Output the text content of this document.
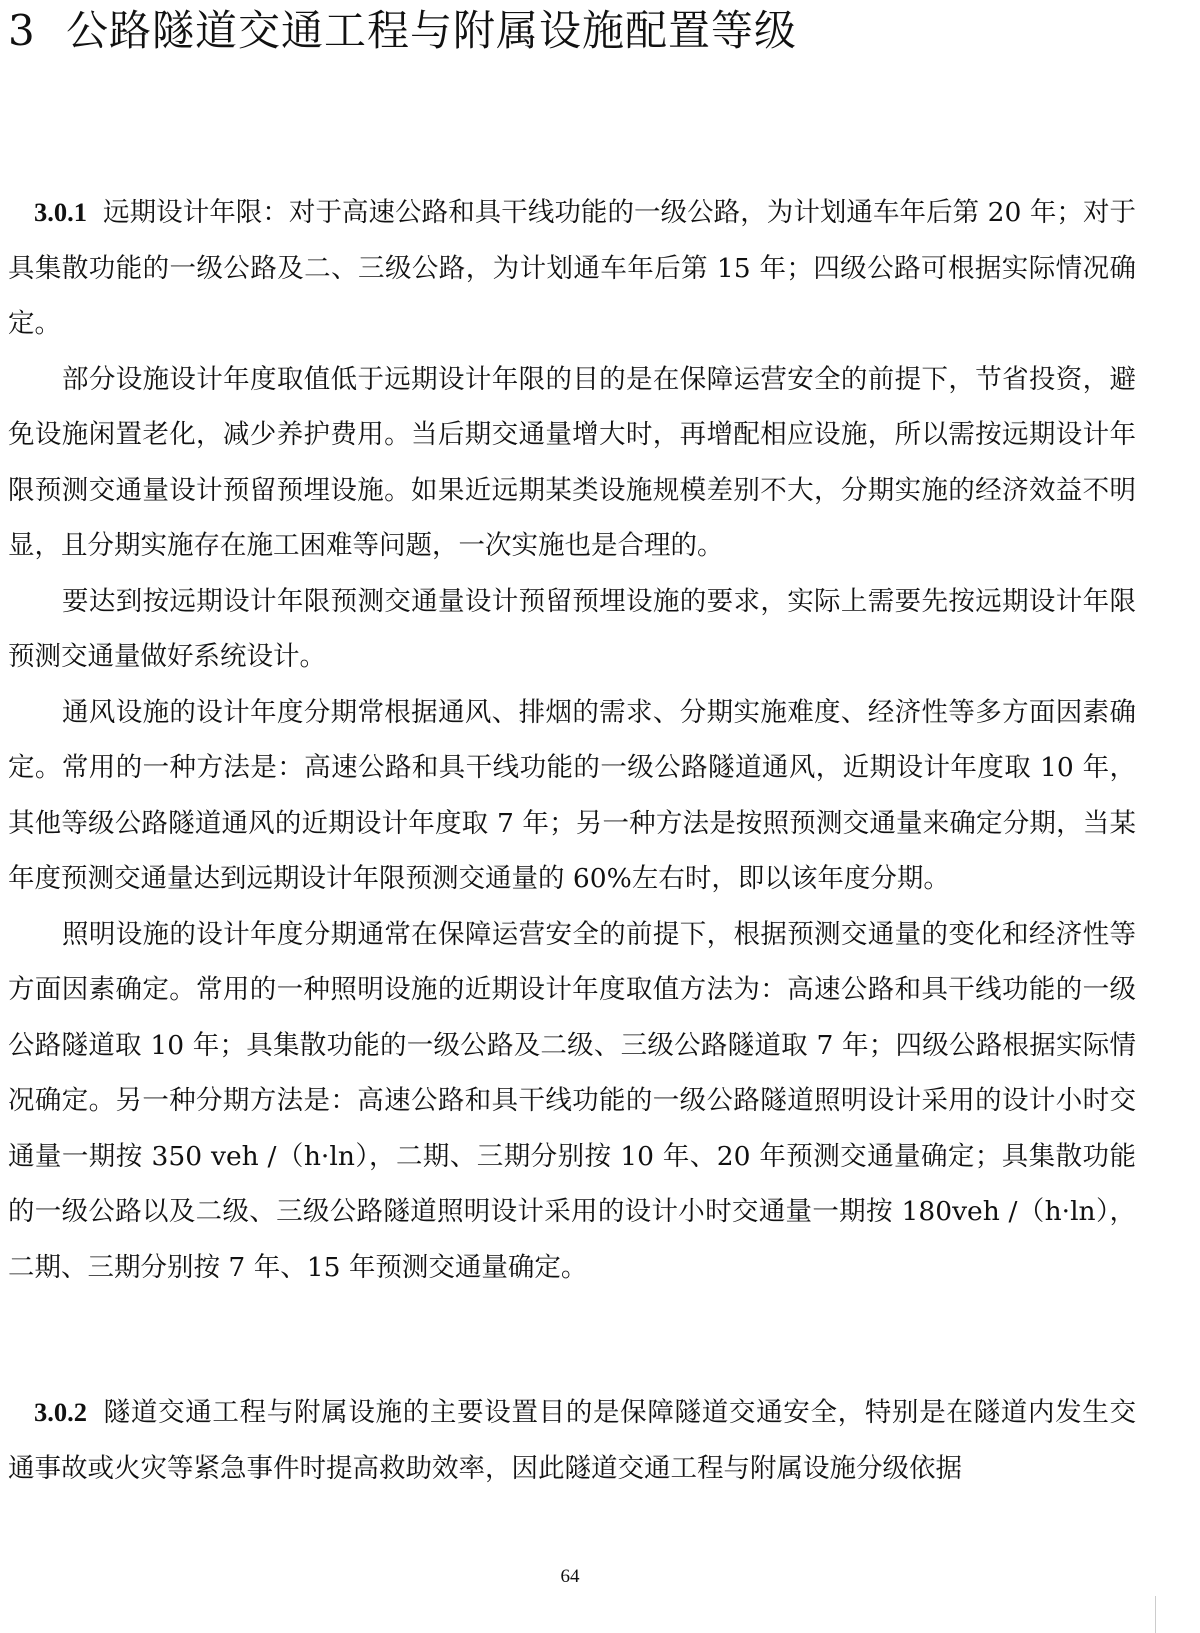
3 公路隧道交通工程与附属设施配置等级

3.0.1 远期设计年限：对于高速公路和具干线功能的一级公路，为计划通车年后第 20 年；对于具集散功能的一级公路及二、三级公路，为计划通车年后第 15 年；四级公路可根据实际情况确定。

部分设施设计年度取值低于远期设计年限的目的是在保障运营安全的前提下，节省投资，避免设施闲置老化，减少养护费用。当后期交通量增大时，再增配相应设施，所以需按远期设计年限预测交通量设计预留预埋设施。如果近远期某类设施规模差别不大，分期实施的经济效益不明显，且分期实施存在施工困难等问题，一次实施也是合理的。

要达到按远期设计年限预测交通量设计预留预埋设施的要求，实际上需要先按远期设计年限预测交通量做好系统设计。

通风设施的设计年度分期常根据通风、排烟的需求、分期实施难度、经济性等多方面因素确定。常用的一种方法是：高速公路和具干线功能的一级公路隧道通风，近期设计年度取 10 年，其他等级公路隧道通风的近期设计年度取 7 年；另一种方法是按照预测交通量来确定分期，当某年度预测交通量达到远期设计年限预测交通量的 60%左右时，即以该年度分期。

照明设施的设计年度分期通常在保障运营安全的前提下，根据预测交通量的变化和经济性等方面因素确定。常用的一种照明设施的近期设计年度取值方法为：高速公路和具干线功能的一级公路隧道取 10 年；具集散功能的一级公路及二级、三级公路隧道取 7 年；四级公路根据实际情况确定。另一种分期方法是：高速公路和具干线功能的一级公路隧道照明设计采用的设计小时交通量一期按 350 veh /（h·ln），二期、三期分别按 10 年、20 年预测交通量确定；具集散功能的一级公路以及二级、三级公路隧道照明设计采用的设计小时交通量一期按 180veh /（h·ln），二期、三期分别按 7 年、15 年预测交通量确定。

3.0.2 隧道交通工程与附属设施的主要设置目的是保障隧道交通安全，特别是在隧道内发生交通事故或火灾等紧急事件时提高救助效率，因此隧道交通工程与附属设施分级依据

64
